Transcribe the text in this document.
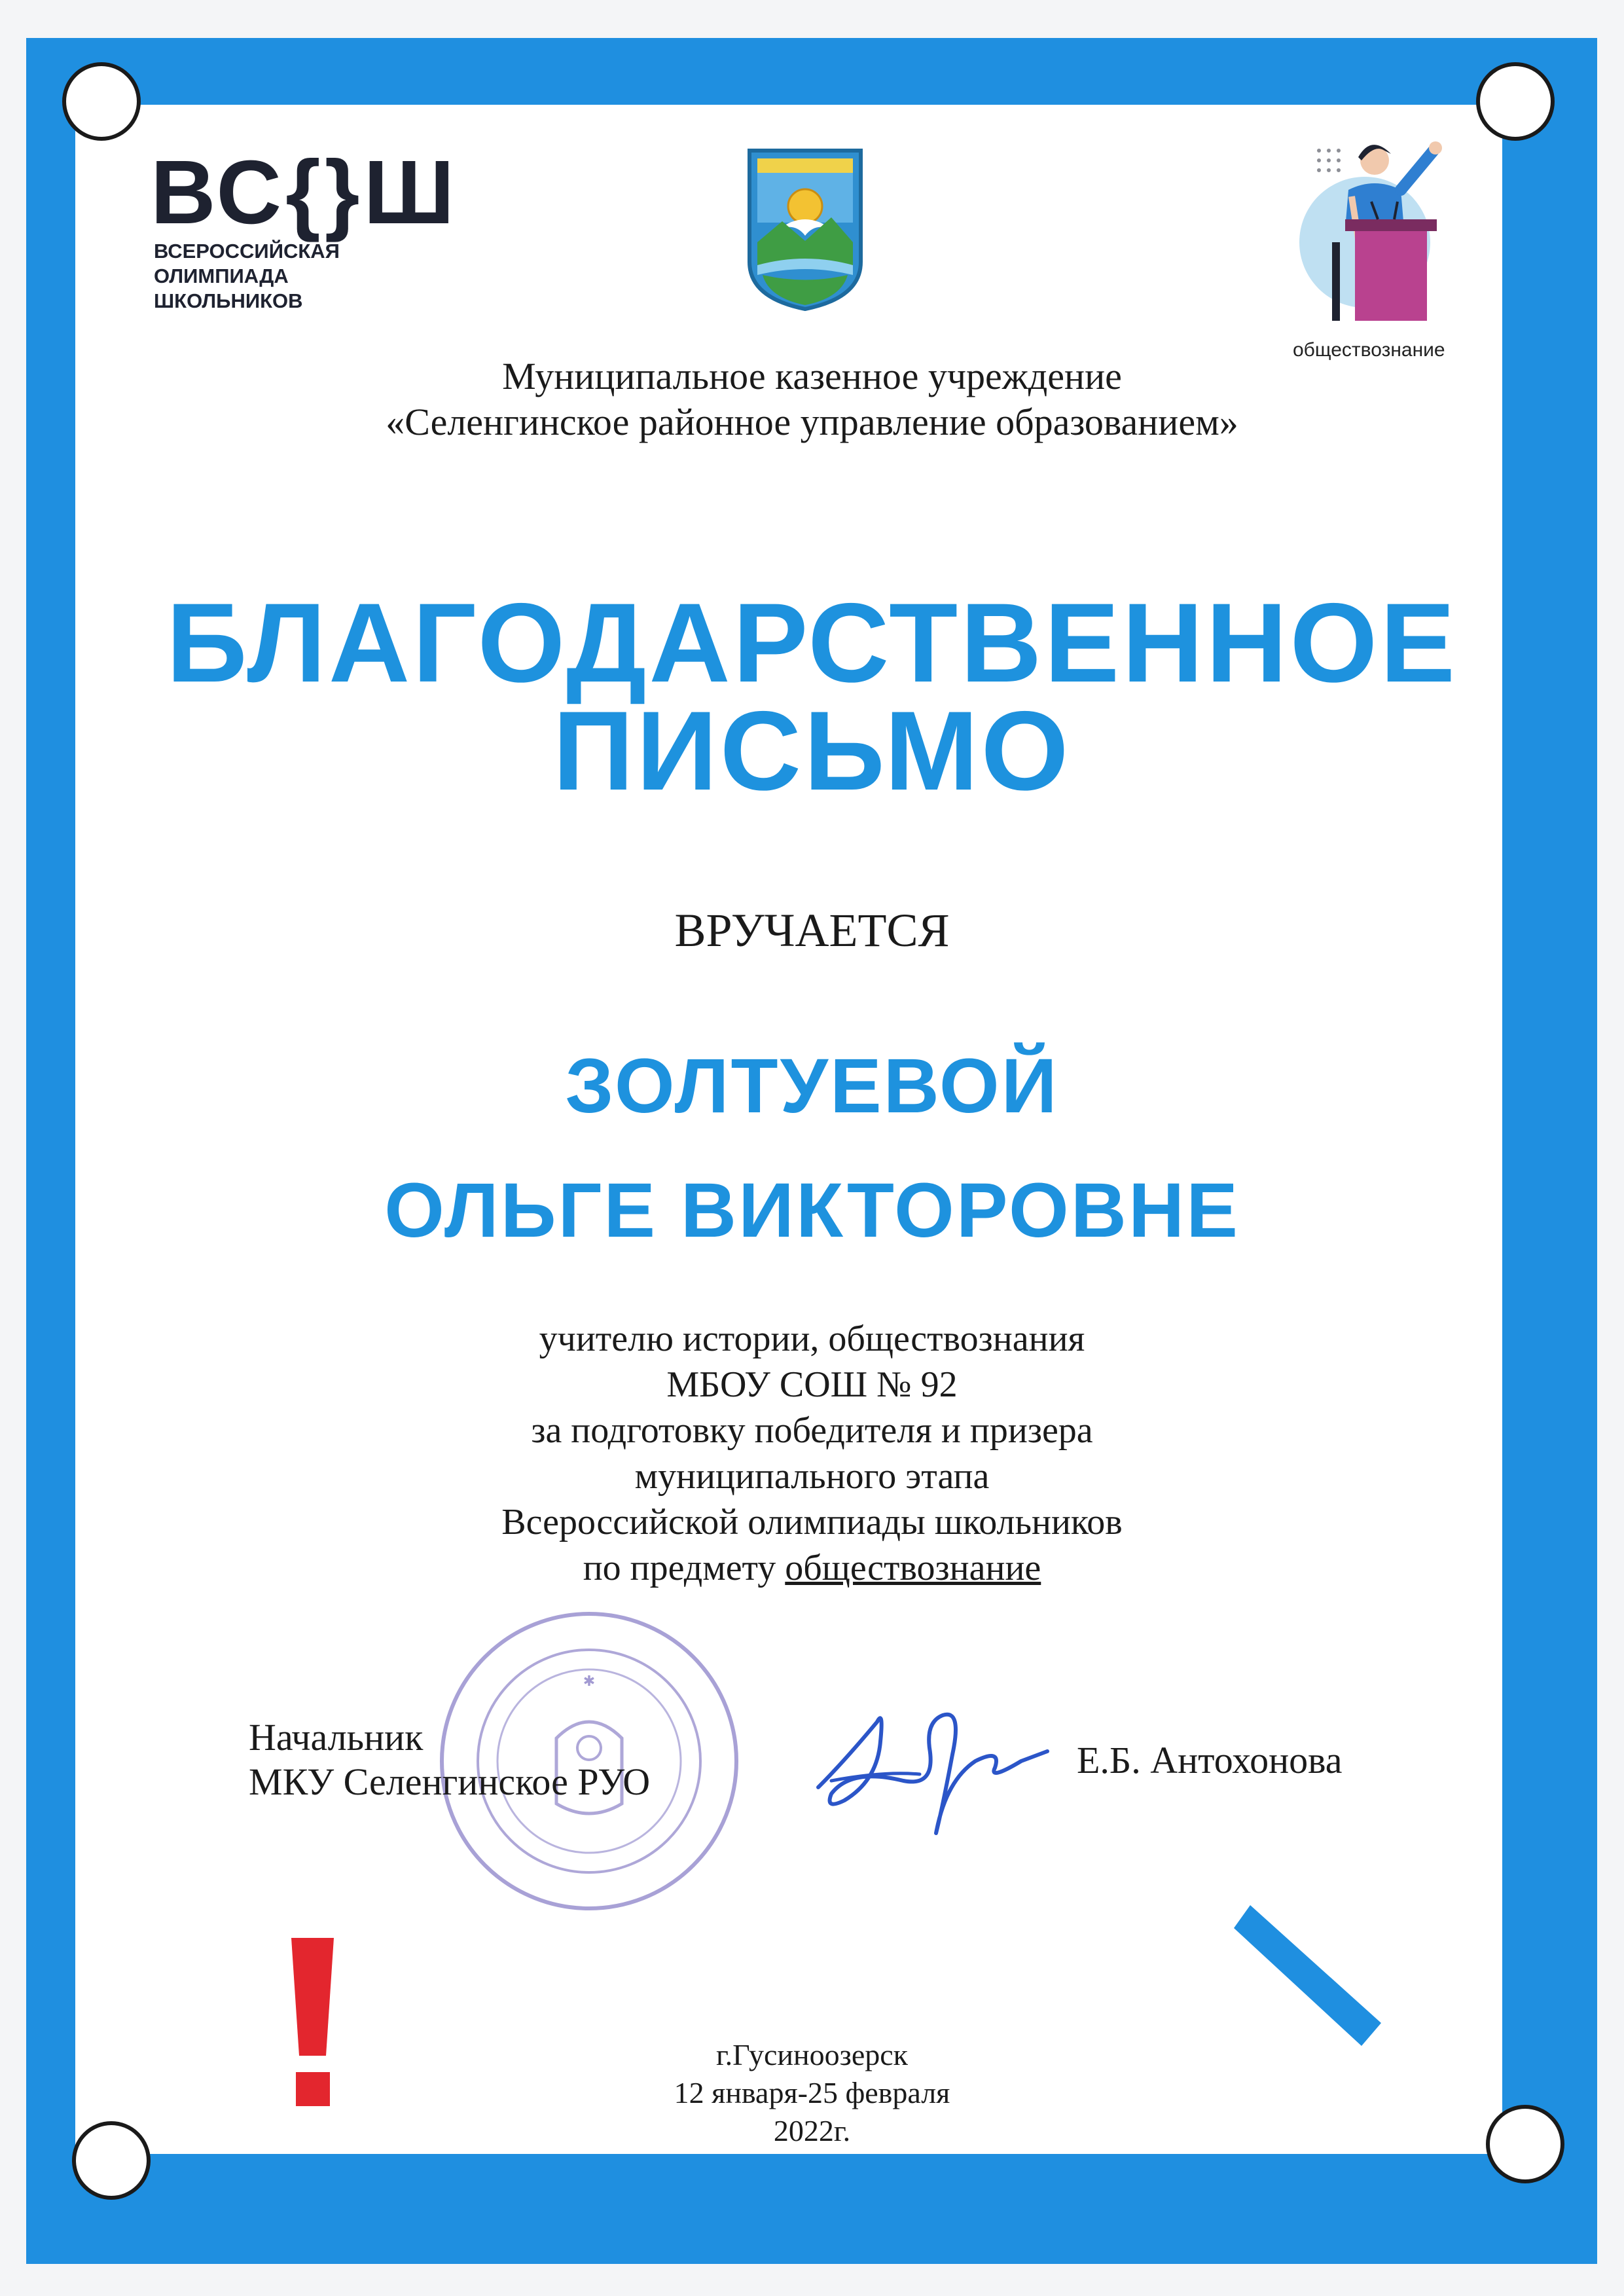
ВС{}Ш
ВСЕРОССИЙСКАЯ
ОЛИМПИАДА
ШКОЛЬНИКОВ
обществознание
Муниципальное казенное учреждение
«Селенгинское районное управление образованием»
БЛАГОДАРСТВЕННОЕ
ПИСЬМО
ВРУЧАЕТСЯ
ЗОЛТУЕВОЙ
ОЛЬГЕ ВИКТОРОВНЕ
учителю истории, обществознания
МБОУ СОШ № 92
за подготовку победителя и призера
муниципального этапа
Всероссийской олимпиады школьников
по предмету обществознание
✱
Начальник
МКУ Селенгинское РУО
Е.Б. Антохонова
г.Гусиноозерск
12 января-25 февраля
2022г.
